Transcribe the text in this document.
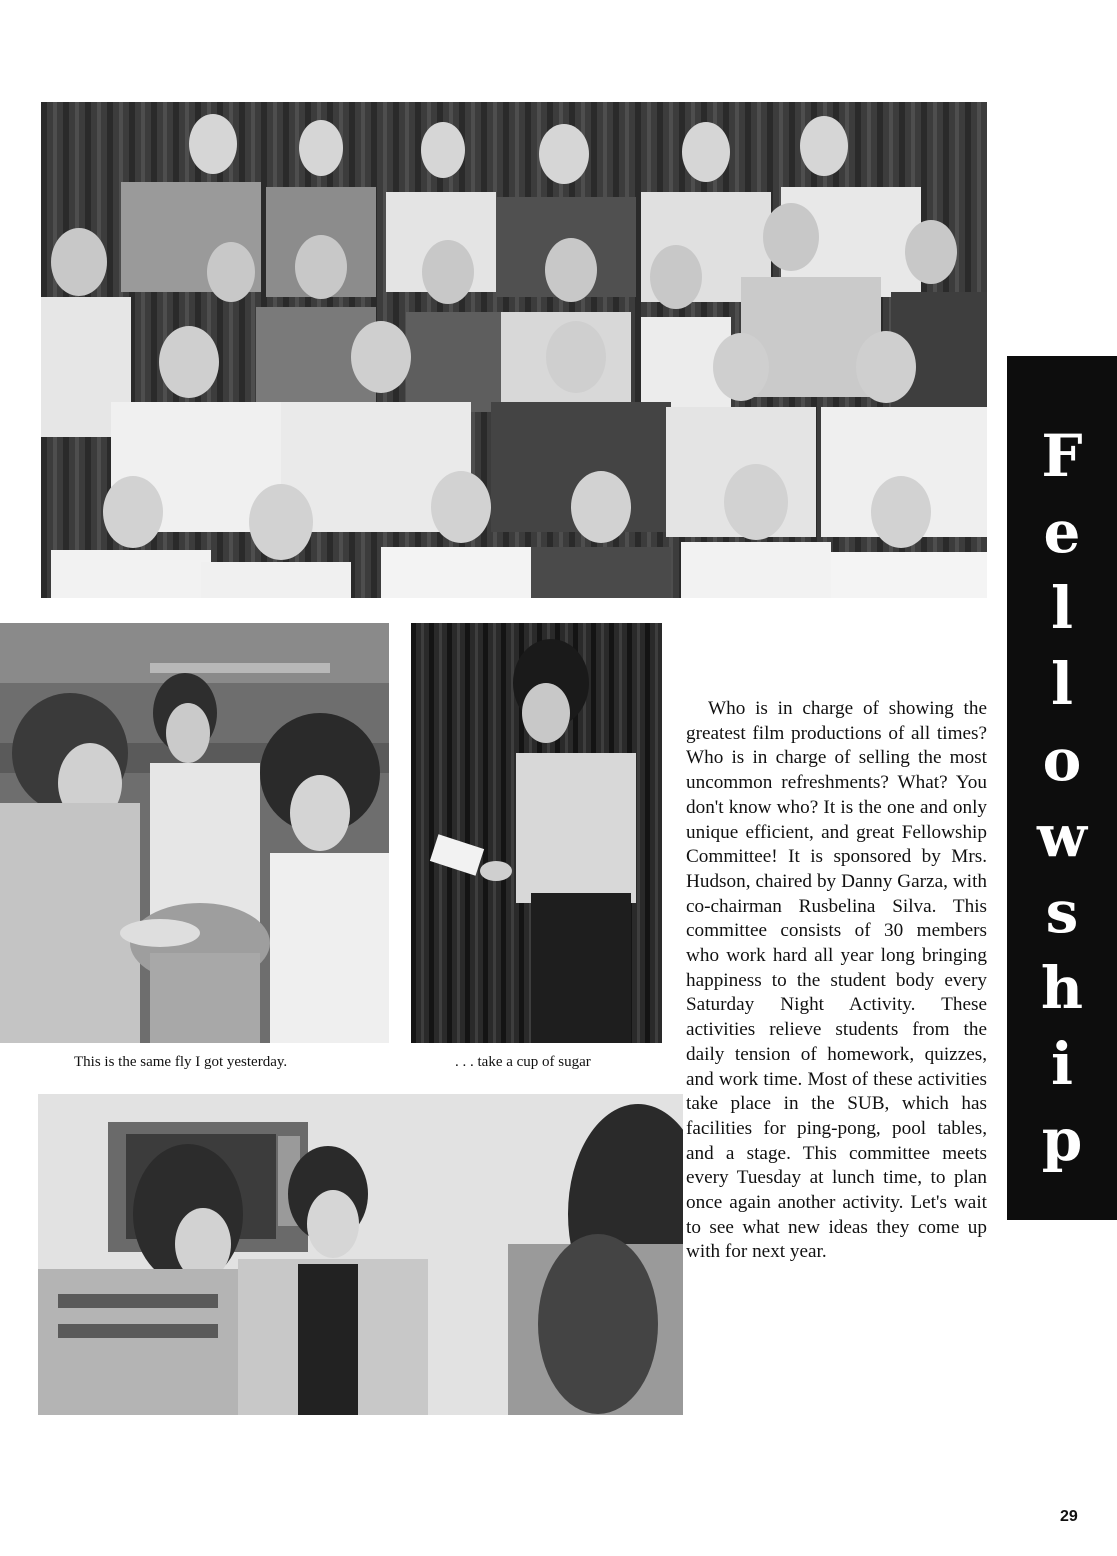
This is the same fly I got yesterday.	. . . take a cup of sugar
Who is in charge of showing the greatest film productions of all times? Who is in charge of selling the most uncommon refreshments? What? You don't know who? It is the one and only unique efficient, and great Fellowship Committee! It is sponsored by Mrs. Hudson, chaired by Danny Garza, with co-chairman Rusbelina Silva. This committee consists of 30 members who work hard all year long bringing happiness to the student body every Saturday Night Activity. These activities relieve students from the daily tension of homework, quizzes, and work time. Most of these activities take place in the SUB, which has facilities for ping-pong, pool tables, and a stage. This committee meets every Tuesday at lunch time, to plan once again another activity. Let's wait to see what new ideas they come up with for next year.
F
e
l
l
o
w
s
h
i
p
29
